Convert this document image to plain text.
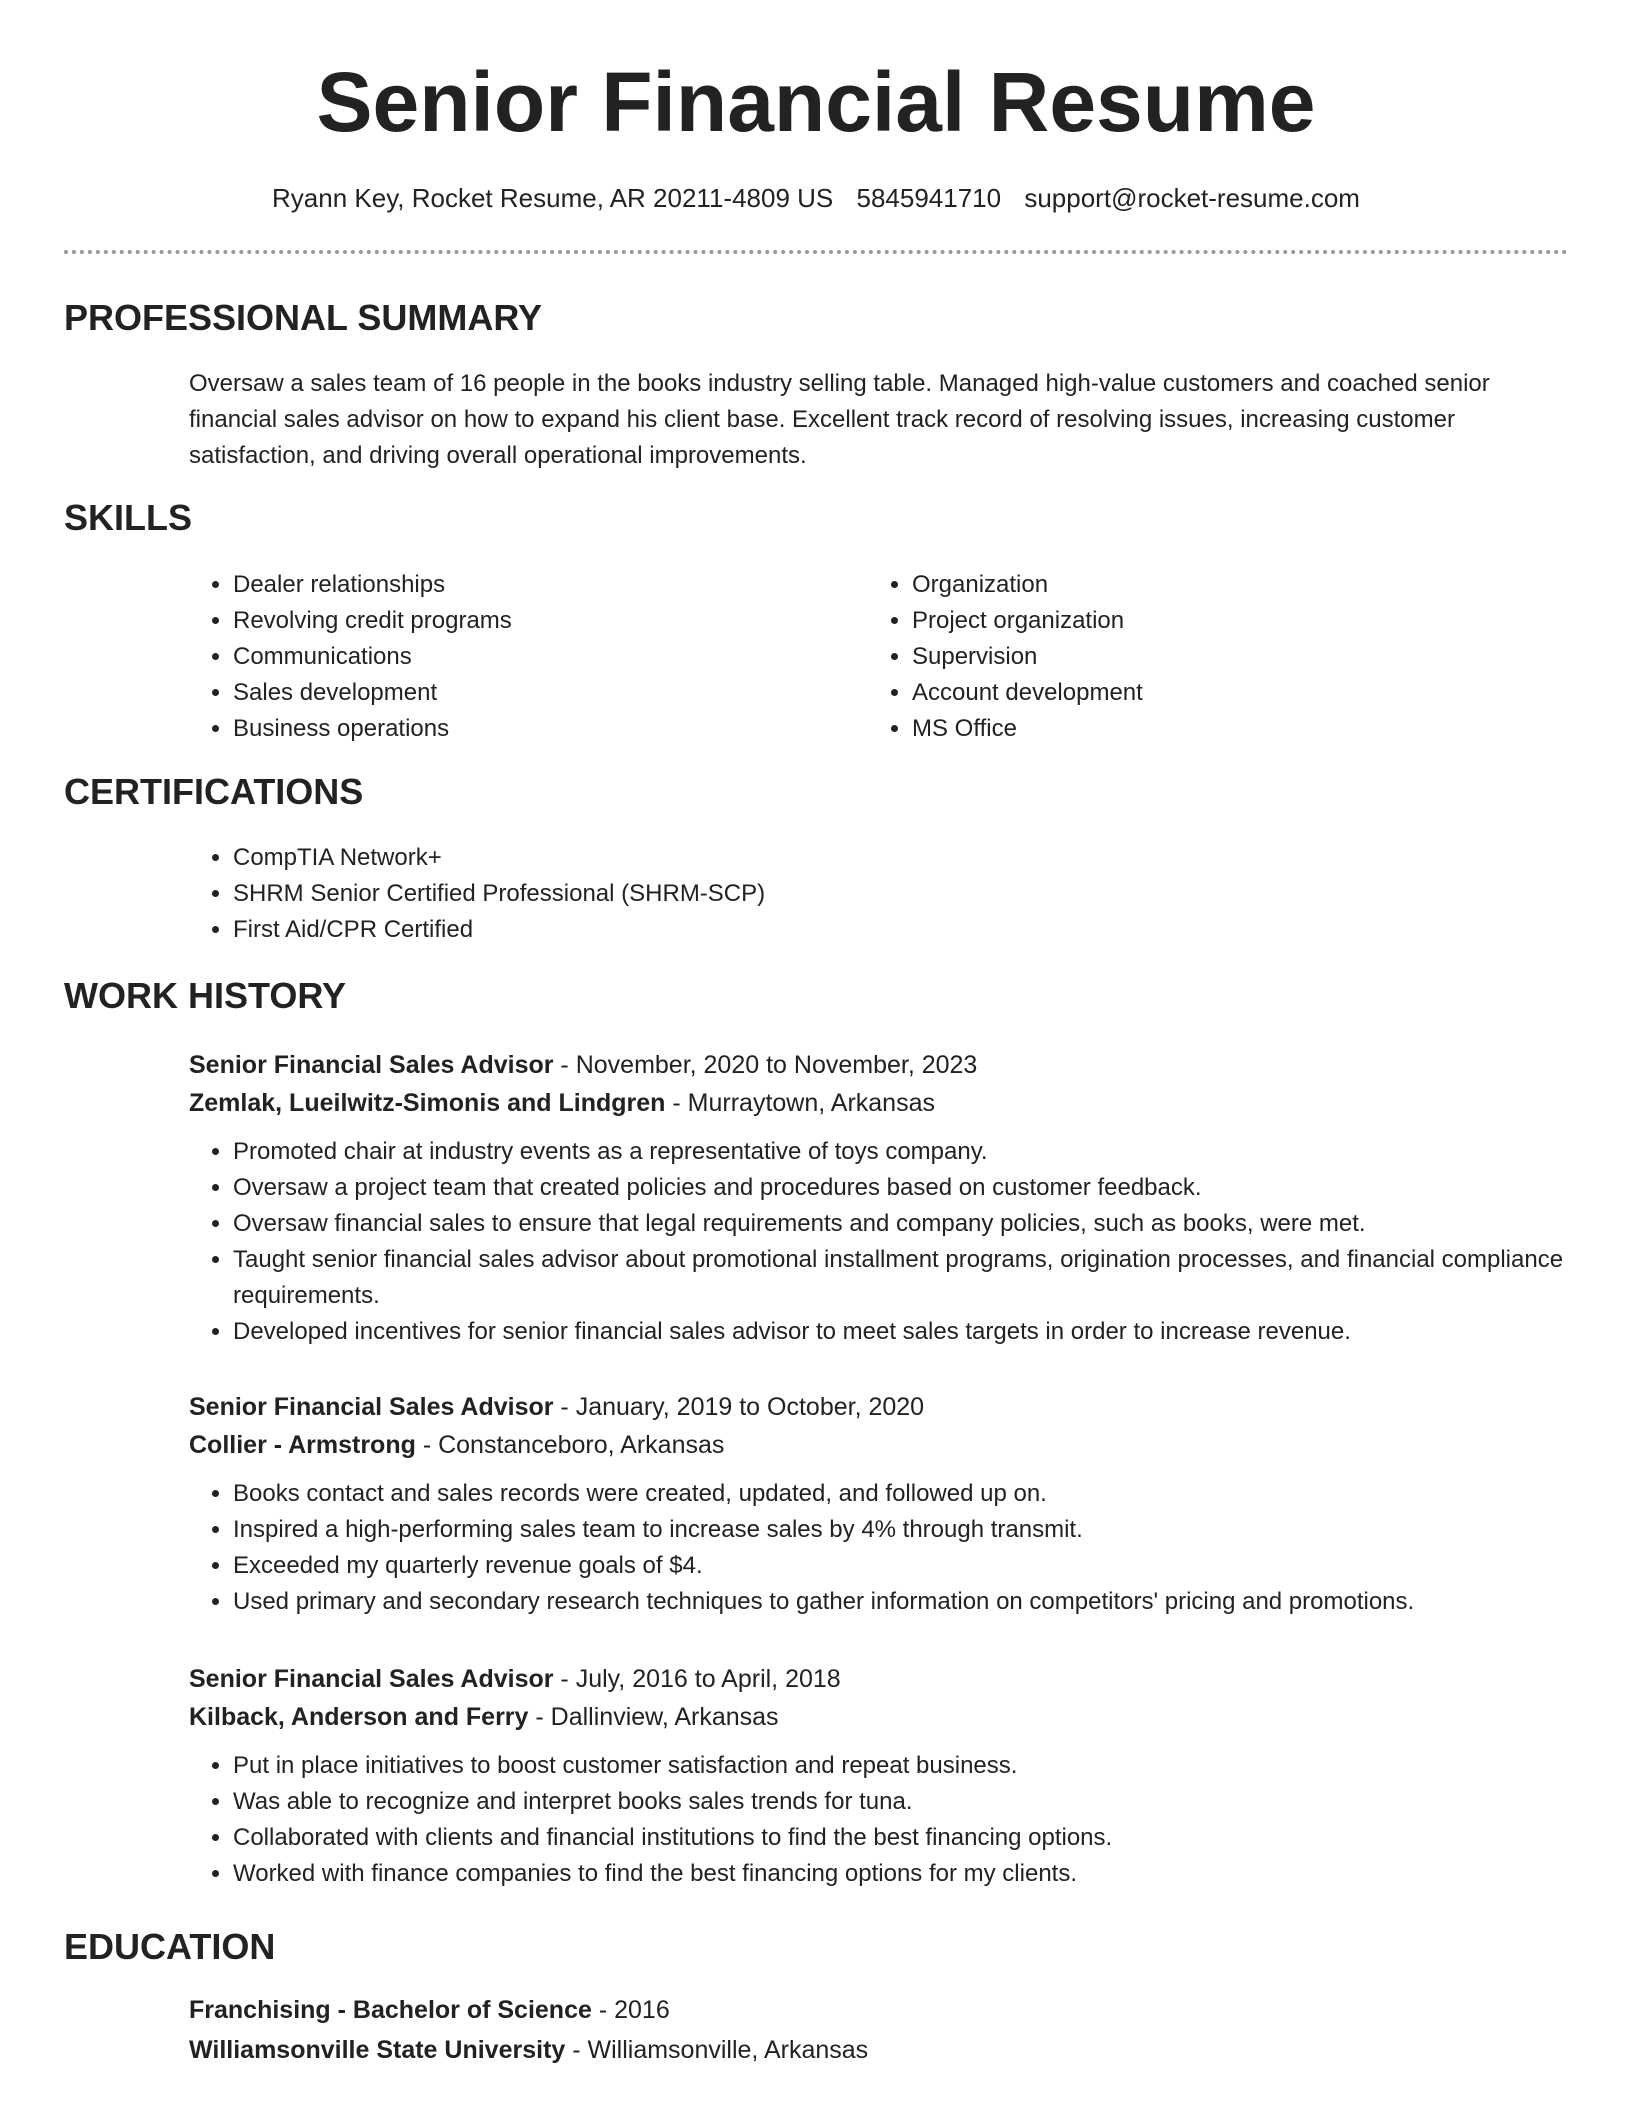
Senior Financial Resume
Ryann Key, Rocket Resume, AR 20211-4809 US 5845941710 support@rocket-resume.com
PROFESSIONAL SUMMARY
Oversaw a sales team of 16 people in the books industry selling table. Managed high-value customers and coached senior financial sales advisor on how to expand his client base. Excellent track record of resolving issues, increasing customer satisfaction, and driving overall operational improvements.
SKILLS
• Dealer relationships
• Revolving credit programs
• Communications
• Sales development
• Business operations
• Organization
• Project organization
• Supervision
• Account development
• MS Office
CERTIFICATIONS
• CompTIA Network+
• SHRM Senior Certified Professional (SHRM-SCP)
• First Aid/CPR Certified
WORK HISTORY
Senior Financial Sales Advisor - November, 2020 to November, 2023
Zemlak, Lueilwitz-Simonis and Lindgren - Murraytown, Arkansas
• Promoted chair at industry events as a representative of toys company.
• Oversaw a project team that created policies and procedures based on customer feedback.
• Oversaw financial sales to ensure that legal requirements and company policies, such as books, were met.
• Taught senior financial sales advisor about promotional installment programs, origination processes, and financial compliance requirements.
• Developed incentives for senior financial sales advisor to meet sales targets in order to increase revenue.
Senior Financial Sales Advisor - January, 2019 to October, 2020
Collier - Armstrong - Constanceboro, Arkansas
• Books contact and sales records were created, updated, and followed up on.
• Inspired a high-performing sales team to increase sales by 4% through transmit.
• Exceeded my quarterly revenue goals of $4.
• Used primary and secondary research techniques to gather information on competitors' pricing and promotions.
Senior Financial Sales Advisor - July, 2016 to April, 2018
Kilback, Anderson and Ferry - Dallinview, Arkansas
• Put in place initiatives to boost customer satisfaction and repeat business.
• Was able to recognize and interpret books sales trends for tuna.
• Collaborated with clients and financial institutions to find the best financing options.
• Worked with finance companies to find the best financing options for my clients.
EDUCATION
Franchising - Bachelor of Science - 2016
Williamsonville State University - Williamsonville, Arkansas
